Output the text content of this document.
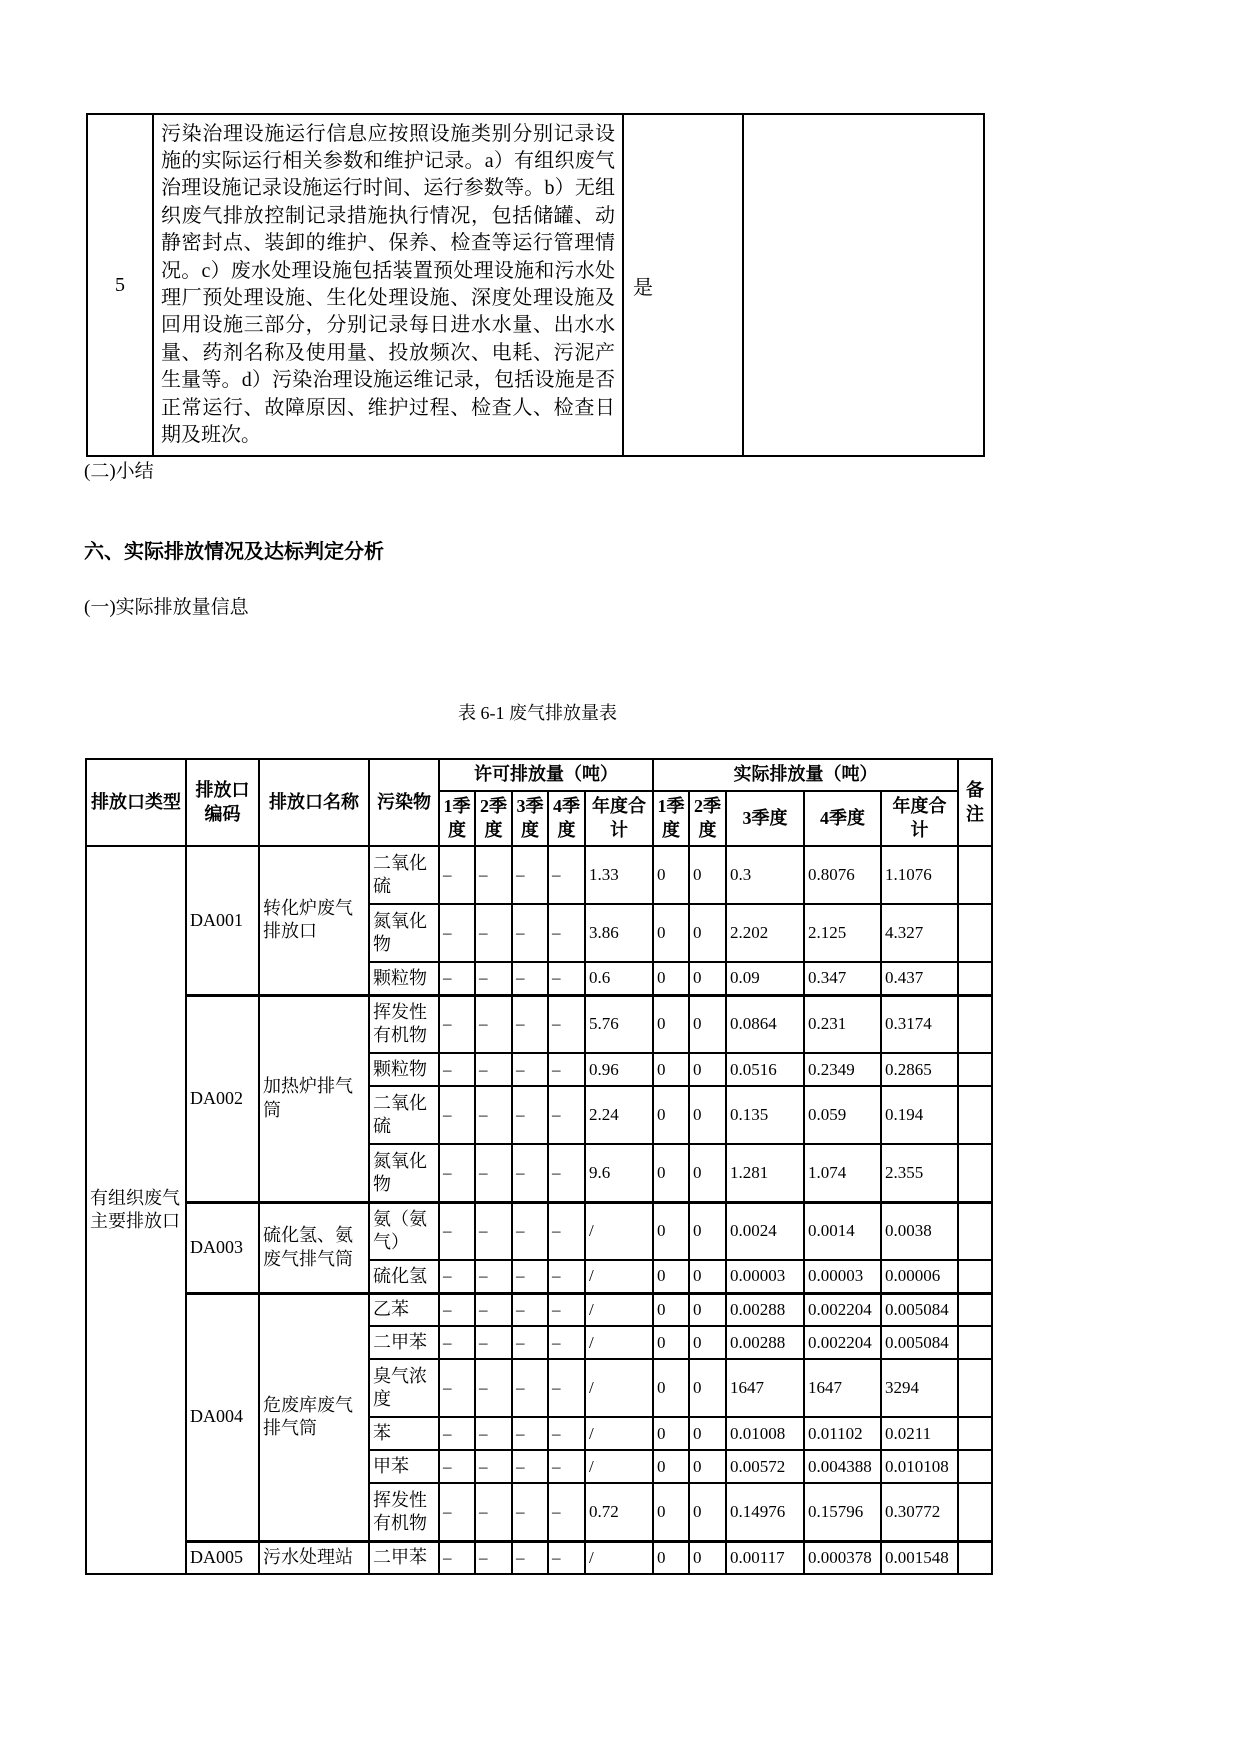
5	污染治理设施运行信息应按照设施类别分别记录设施的实际运行相关参数和维护记录。a）有组织废气治理设施记录设施运行时间、运行参数等。b）无组织废气排放控制记录措施执行情况，包括储罐、动静密封点、装卸的维护、保养、检查等运行管理情况。c）废水处理设施包括装置预处理设施和污水处理厂预处理设施、生化处理设施、深度处理设施及回用设施三部分，分别记录每日进水水量、出水水量、药剂名称及使用量、投放频次、电耗、污泥产生量等。d）污染治理设施运维记录，包括设施是否正常运行、故障原因、维护过程、检查人、检查日期及班次。	是	
(二)小结
六、实际排放情况及达标判定分析
(一)实际排放量信息
表 6-1 废气排放量表
排放口类型	排放口编码	排放口名称	污染物	许可排放量（吨）					实际排放量（吨）					备注
				1季度	2季度	3季度	4季度	年度合计	1季度	2季度	3季度	4季度	年度合计	
有组织废气主要排放口	DA001	转化炉废气排放口	二氧化硫	–	–	–	–	1.33	0	0	0.3	0.8076	1.1076	
			氮氧化物	–	–	–	–	3.86	0	0	2.202	2.125	4.327	
			颗粒物	–	–	–	–	0.6	0	0	0.09	0.347	0.437	
	DA002	加热炉排气筒	挥发性有机物	–	–	–	–	5.76	0	0	0.0864	0.231	0.3174	
			颗粒物	–	–	–	–	0.96	0	0	0.0516	0.2349	0.2865	
			二氧化硫	–	–	–	–	2.24	0	0	0.135	0.059	0.194	
			氮氧化物	–	–	–	–	9.6	0	0	1.281	1.074	2.355	
	DA003	硫化氢、氨废气排气筒	氨（氨气）	–	–	–	–	/	0	0	0.0024	0.0014	0.0038	
			硫化氢	–	–	–	–	/	0	0	0.00003	0.00003	0.00006	
	DA004	危废库废气排气筒	乙苯	–	–	–	–	/	0	0	0.00288	0.002204	0.005084	
			二甲苯	–	–	–	–	/	0	0	0.00288	0.002204	0.005084	
			臭气浓度	–	–	–	–	/	0	0	1647	1647	3294	
			苯	–	–	–	–	/	0	0	0.01008	0.01102	0.0211	
			甲苯	–	–	–	–	/	0	0	0.00572	0.004388	0.010108	
			挥发性有机物	–	–	–	–	0.72	0	0	0.14976	0.15796	0.30772	
	DA005	污水处理站	二甲苯	–	–	–	–	/	0	0	0.00117	0.000378	0.001548	
